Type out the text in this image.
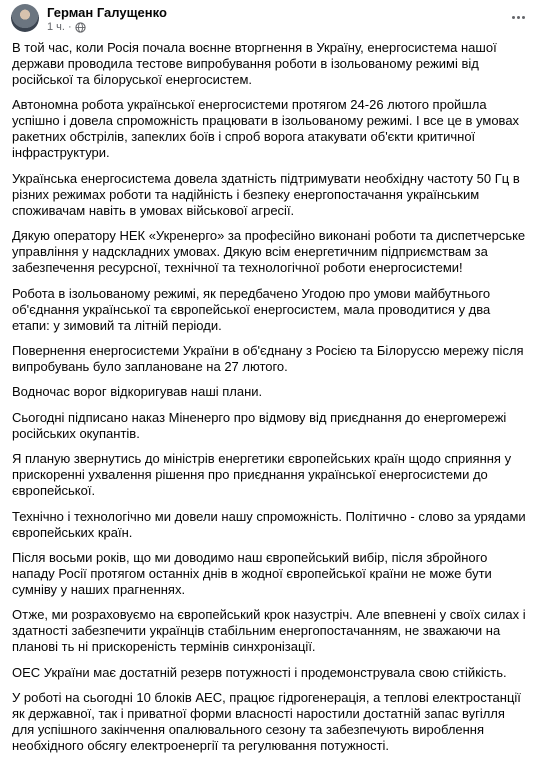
Герман Галущенко
1 ч. ·

В той час, коли Росія почала воєнне вторгнення в Україну, енергосистема нашої держави проводила тестове випробування роботи в ізольованому режимі від російської та білоруської енергосистем.

Автономна робота української енергосистеми протягом 24-26 лютого пройшла успішно і довела спроможність працювати в ізольованому режимі. І все це в умовах ракетних обстрілів, запеклих боїв і спроб ворога атакувати об'єкти критичної інфраструктури.

Українська енергосистема довела здатність підтримувати необхідну частоту 50 Гц в різних режимах роботи та надійність і безпеку енергопостачання українським споживачам навіть в умовах військової агресії.

Дякую оператору НЕК «Укренерго» за професійно виконані роботи та диспетчерське управління у надскладних умовах. Дякую всім енергетичним підприємствам за забезпечення ресурсної, технічної та технологічної роботи енергосистеми!

Робота в ізольованому режимі, як передбачено Угодою про умови майбутнього об'єднання української та європейської енергосистем, мала проводитися у два етапи: у зимовий та літній періоди.

Повернення енергосистеми України в об'єднану з Росією та Білоруссю мережу після випробувань було заплановане на 27 лютого.

Водночас ворог відкоригував наші плани.

Сьогодні підписано наказ Міненерго про відмову від приєднання до енергомережі російських окупантів.

Я планую звернутись до міністрів енергетики європейських країн щодо сприяння у прискоренні ухвалення рішення про приєднання української енергосистеми до європейської.

Технічно і технологічно ми довели нашу спроможність. Політично - слово за урядами європейських країн.

Після восьми років, що ми доводимо наш європейський вибір, після збройного нападу Росії протягом останніх днів в жодної європейської країни не може бути сумніву у наших прагненнях.

Отже, ми розраховуємо на європейський крок назустріч. Але впевнені у своїх силах і здатності забезпечити українців стабільним енергопостачанням, не зважаючи на планові ть ні прискореність термінів синхронізації.

ОЕС України має достатній резерв потужності і продемонструвала свою стійкість.

У роботі на сьогодні 10 блоків АЕС, працює гідрогенерація, а теплові електростанції як державної, так і приватної форми власності наростили достатній запас вугілля для успішного закінчення опалювального сезону та забезпечують вироблення необхідного обсягу електроенергії та регулювання потужності.
